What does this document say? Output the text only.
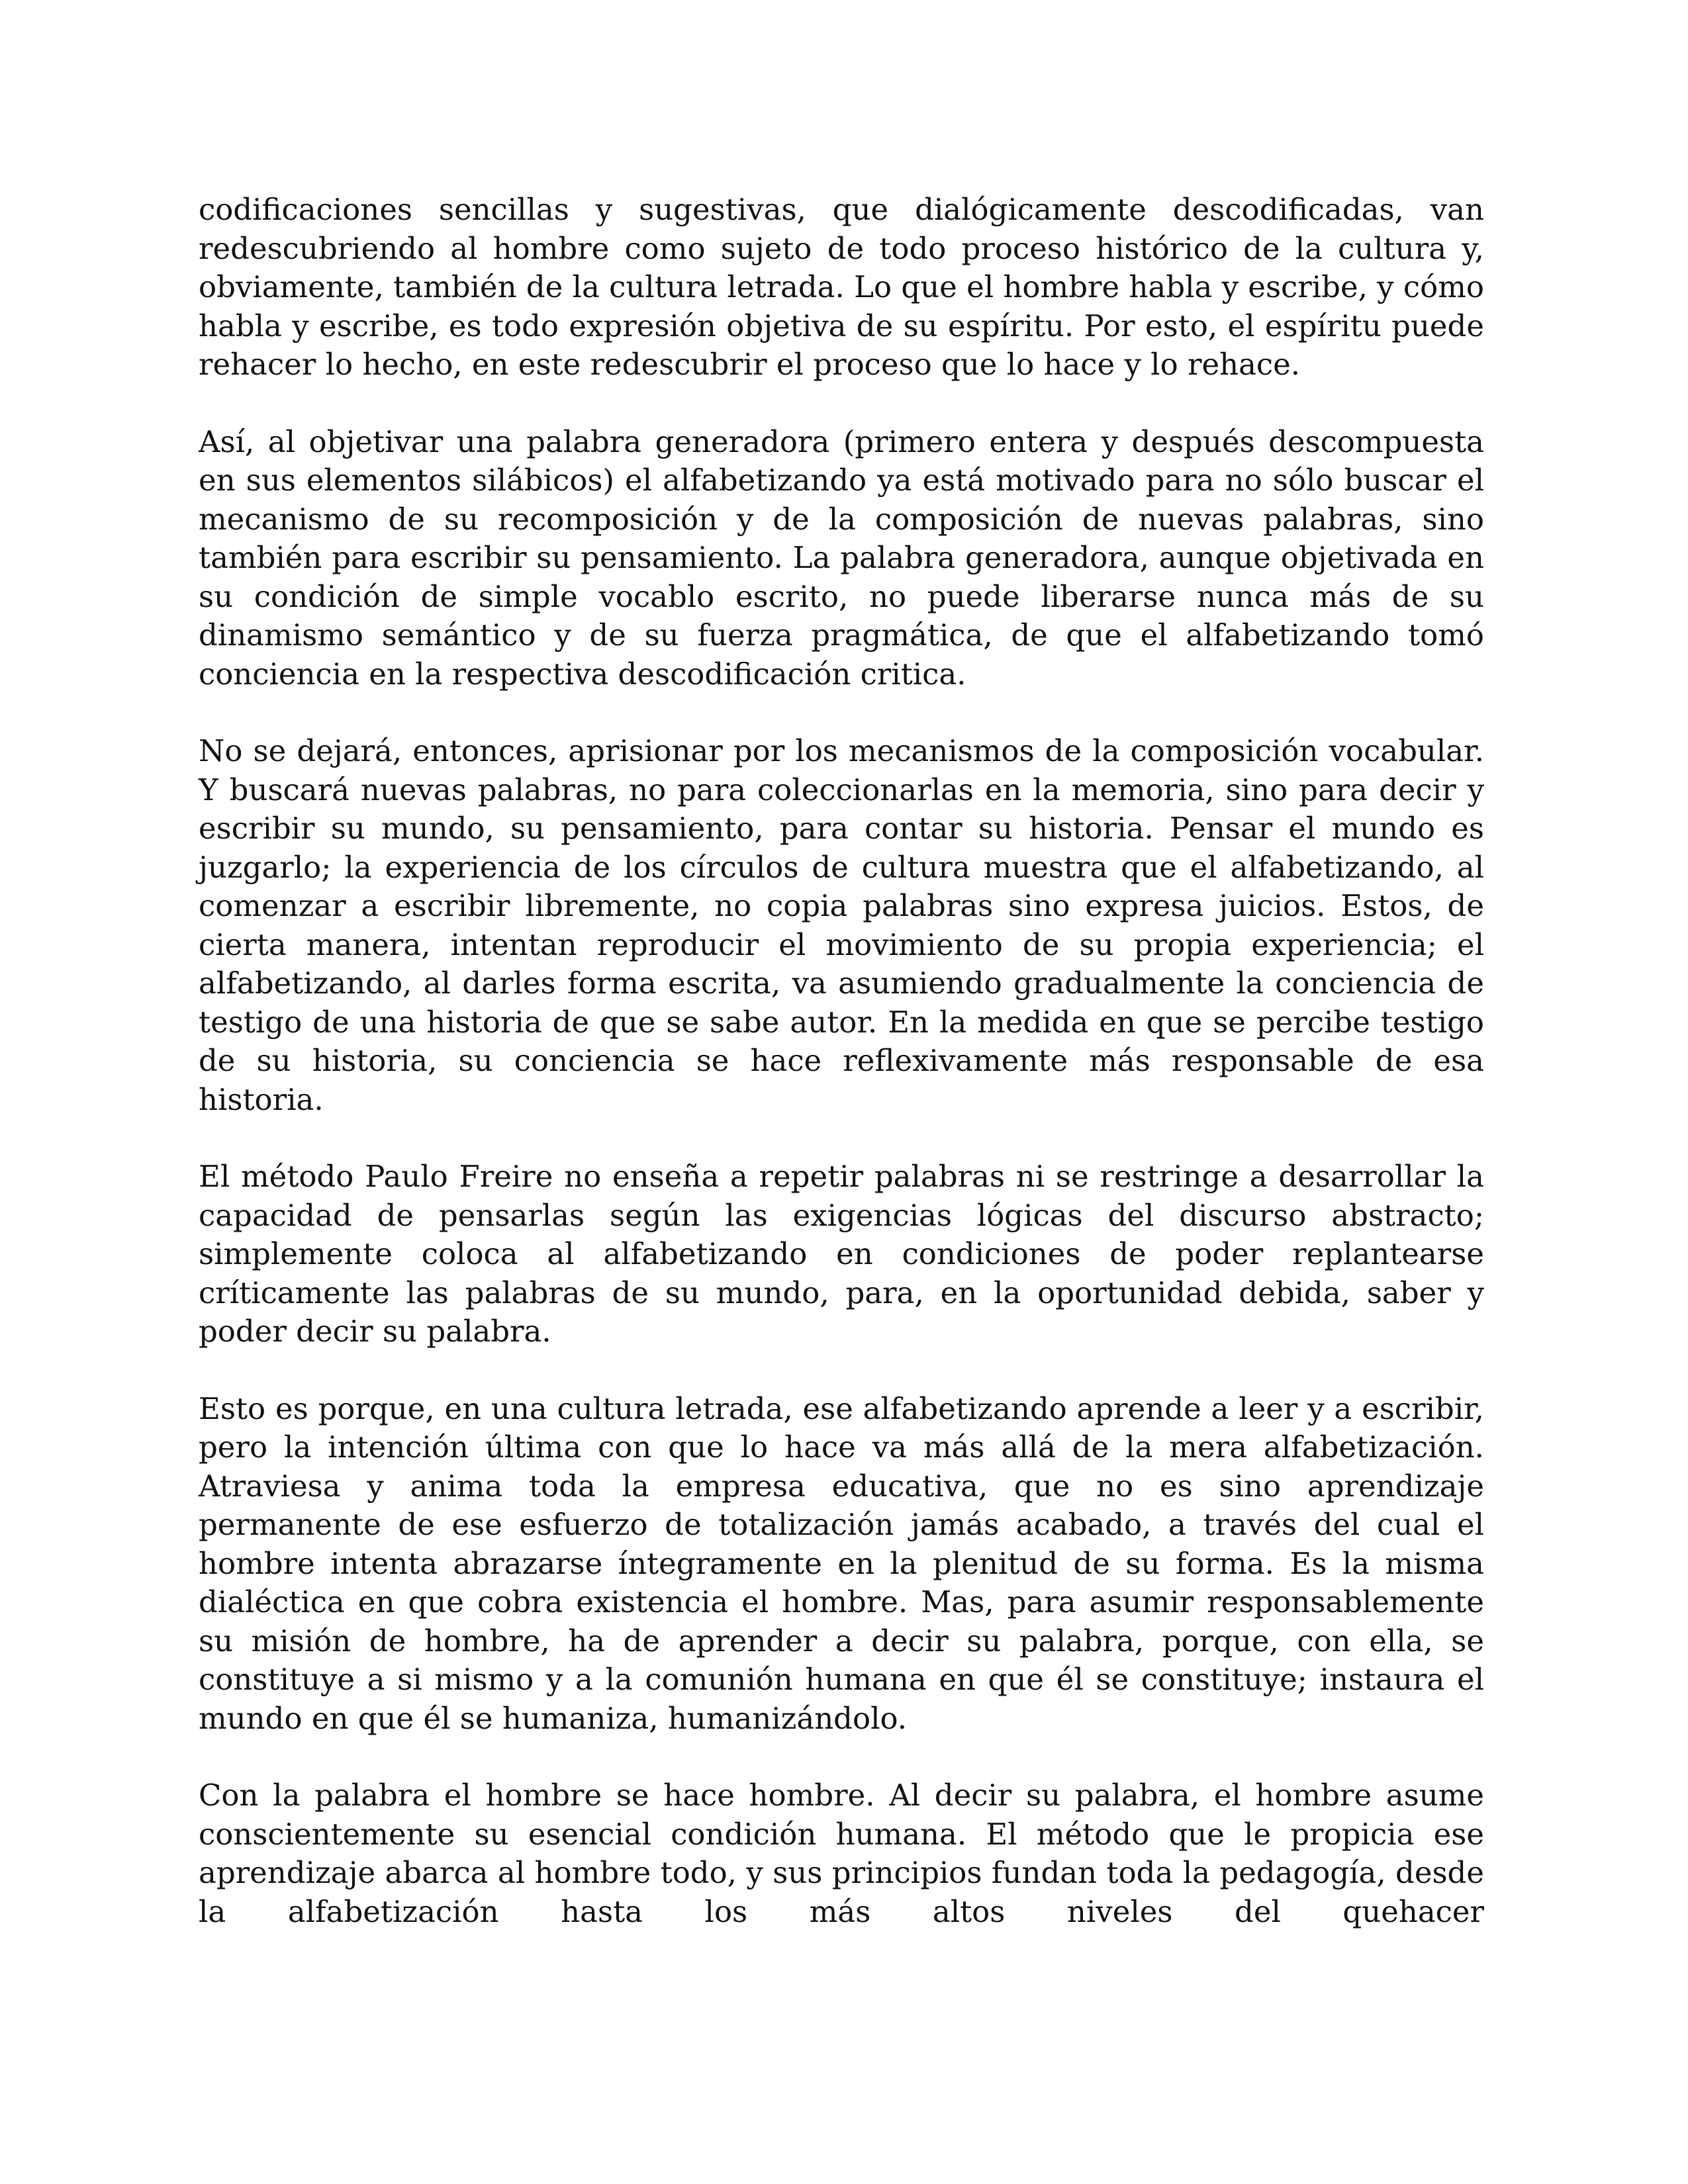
codificaciones sencillas y sugestivas, que dialógicamente descodificadas, van redescubriendo al hombre como sujeto de todo proceso histórico de la cultura y, obviamente, también de la cultura letrada. Lo que el hombre habla y escribe, y cómo habla y escribe, es todo expresión objetiva de su espíritu. Por esto, el espíritu puede rehacer lo hecho, en este redescubrir el proceso que lo hace y lo rehace.

Así, al objetivar una palabra generadora (primero entera y después descompuesta en sus elementos silábicos) el alfabetizando ya está motivado para no sólo buscar el mecanismo de su recomposición y de la composición de nuevas palabras, sino también para escribir su pensamiento. La palabra generadora, aunque objetivada en su condición de simple vocablo escrito, no puede liberarse nunca más de su dinamismo semántico y de su fuerza pragmática, de que el alfabetizando tomó conciencia en la respectiva descodificación critica.

No se dejará, entonces, aprisionar por los mecanismos de la composición vocabular. Y buscará nuevas palabras, no para coleccionarlas en la memoria, sino para decir y escribir su mundo, su pensamiento, para contar su historia. Pensar el mundo es juzgarlo; la experiencia de los círculos de cultura muestra que el alfabetizando, al comenzar a escribir libremente, no copia palabras sino expresa juicios. Estos, de cierta manera, intentan reproducir el movimiento de su propia experiencia; el alfabetizando, al darles forma escrita, va asumiendo gradualmente la conciencia de testigo de una historia de que se sabe autor. En la medida en que se percibe testigo de su historia, su conciencia se hace reflexivamente más responsable de esa historia.

El método Paulo Freire no enseña a repetir palabras ni se restringe a desarrollar la capacidad de pensarlas según las exigencias lógicas del discurso abstracto; simplemente coloca al alfabetizando en condiciones de poder replantearse críticamente las palabras de su mundo, para, en la oportunidad debida, saber y poder decir su palabra.

Esto es porque, en una cultura letrada, ese alfabetizando aprende a leer y a escribir, pero la intención última con que lo hace va más allá de la mera alfabetización. Atraviesa y anima toda la empresa educativa, que no es sino aprendizaje permanente de ese esfuerzo de totalización jamás acabado, a través del cual el hombre intenta abrazarse íntegramente en la plenitud de su forma. Es la misma dialéctica en que cobra existencia el hombre. Mas, para asumir responsablemente su misión de hombre, ha de aprender a decir su palabra, porque, con ella, se constituye a si mismo y a la comunión humana en que él se constituye; instaura el mundo en que él se humaniza, humanizándolo.

Con la palabra el hombre se hace hombre. Al decir su palabra, el hombre asume conscientemente su esencial condición humana. El método que le propicia ese aprendizaje abarca al hombre todo, y sus principios fundan toda la pedagogía, desde la alfabetización hasta los más altos niveles del quehacer
